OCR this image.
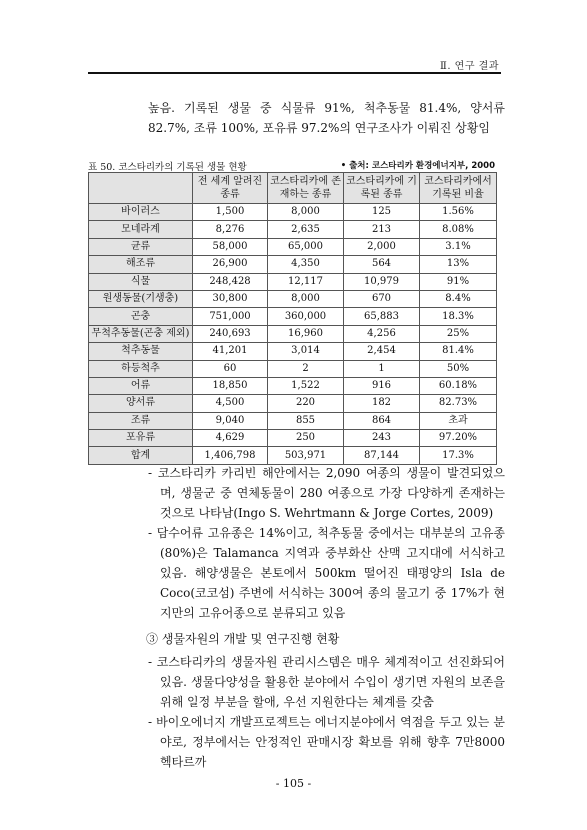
Ⅱ. 연구 결과
높음. 기록된 생물 중 식물류 91%, 척추동물 81.4%, 양서류 82.7%, 조류 100%, 포유류 97.2%의 연구조사가 이뤄진 상황임
표 50. 코스타리카의 기록된 생물 현황	• 출처: 코스타리카 환경에너지부, 2000
	전 세계 알려진 종류	코스타리카에 존재하는 종류	코스타리카에 기록된 종류	코스타리카에서 기록된 비율
바이러스	1,500	8,000	125	1.56%
모네라계	8,276	2,635	213	8.08%
균류	58,000	65,000	2,000	3.1%
해조류	26,900	4,350	564	13%
식물	248,428	12,117	10,979	91%
원생동물(기생충)	30,800	8,000	670	8.4%
곤충	751,000	360,000	65,883	18.3%
무척추동물(곤충 제외)	240,693	16,960	4,256	25%
척추동물	41,201	3,014	2,454	81.4%
하등척추	60	2	1	50%
어류	18,850	1,522	916	60.18%
양서류	4,500	220	182	82.73%
조류	9,040	855	864	초과
포유류	4,629	250	243	97.20%
합계	1,406,798	503,971	87,144	17.3%

- 코스타리카 카리빈 해안에서는 2,090 여종의 생물이 발견되었으며, 생물군 중 연체동물이 280 여종으로 가장 다양하게 존재하는 것으로 나타남(Ingo S. Wehrtmann & Jorge Cortes, 2009)

- 담수어류 고유종은 14%이고, 척추동물 중에서는 대부분의 고유종(80%)은 Talamanca 지역과 중부화산 산맥 고지대에 서식하고 있음. 해양생물은 본토에서 500km 떨어진 태평양의 Isla de Coco(코코섬) 주변에 서식하는 300여 종의 물고기 중 17%가 현지만의 고유어종으로 분류되고 있음

③ 생물자원의 개발 및 연구진행 현황

- 코스타리카의 생물자원 관리시스템은 매우 체계적이고 선진화되어 있음. 생물다양성을 활용한 분야에서 수입이 생기면 자원의 보존을 위해 일정 부분을 할애, 우선 지원한다는 체계를 갖춤

- 바이오에너지 개발프로젝트는 에너지분야에서 역점을 두고 있는 분야로, 정부에서는 안정적인 판매시장 확보를 위해 향후 7만8000헥타르까

- 105 -
